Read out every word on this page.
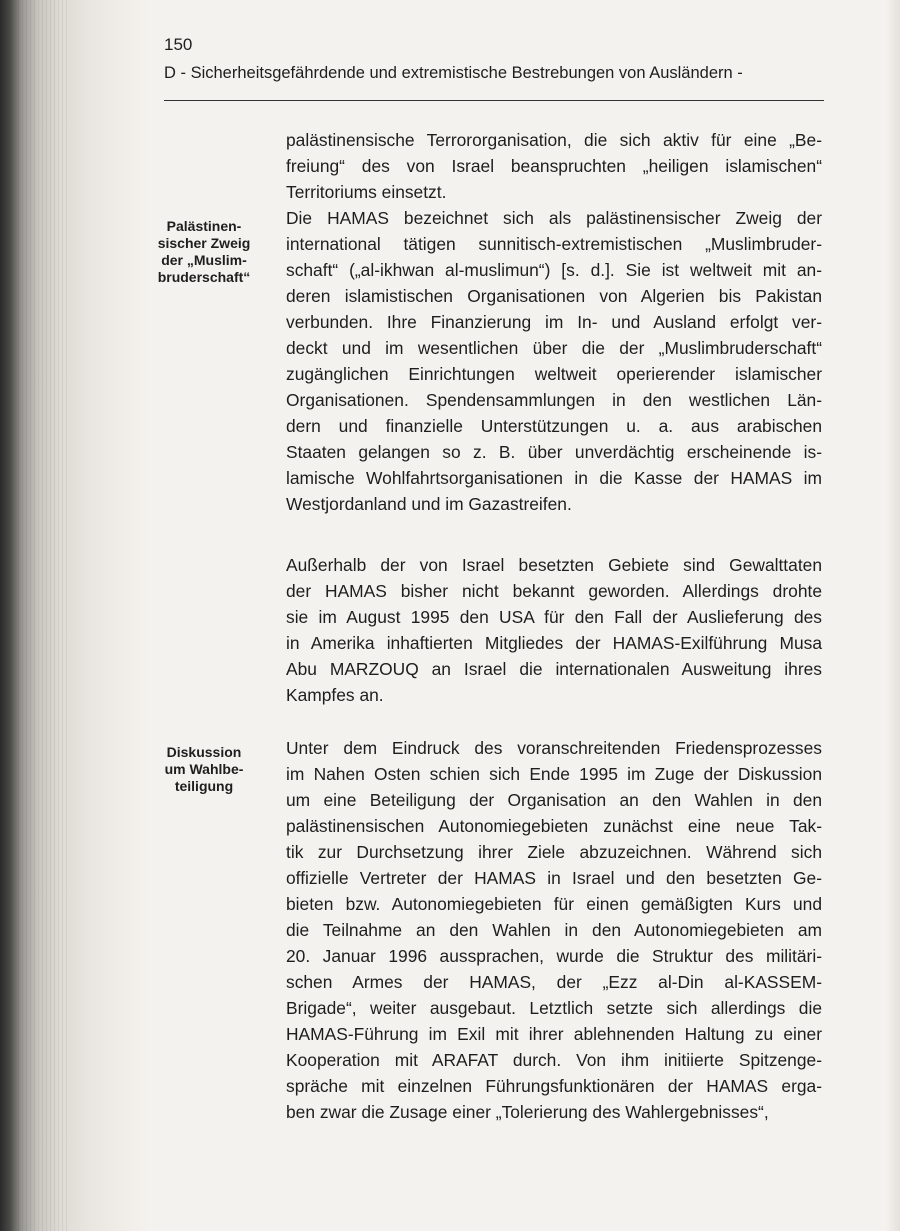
150
D - Sicherheitsgefährdende und extremistische Bestrebungen von Ausländern -
Palästinen-
sischer Zweig
der „Muslim-
bruderschaft“
Diskussion
um Wahlbe-
teiligung
palästinensische Terrororganisation, die sich aktiv für eine „Be-
freiung“ des von Israel beanspruchten „heiligen islamischen“
Territoriums einsetzt.
Die HAMAS bezeichnet sich als palästinensischer Zweig der
international tätigen sunnitisch-extremistischen „Muslimbruder-
schaft“ („al-ikhwan al-muslimun“) [s. d.]. Sie ist weltweit mit an-
deren islamistischen Organisationen von Algerien bis Pakistan
verbunden. Ihre Finanzierung im In- und Ausland erfolgt ver-
deckt und im wesentlichen über die der „Muslimbruderschaft“
zugänglichen Einrichtungen weltweit operierender islamischer
Organisationen. Spendensammlungen in den westlichen Län-
dern und finanzielle Unterstützungen u. a. aus arabischen
Staaten gelangen so z. B. über unverdächtig erscheinende is-
lamische Wohlfahrtsorganisationen in die Kasse der HAMAS im
Westjordanland und im Gazastreifen.
Außerhalb der von Israel besetzten Gebiete sind Gewalttaten
der HAMAS bisher nicht bekannt geworden. Allerdings drohte
sie im August 1995 den USA für den Fall der Auslieferung des
in Amerika inhaftierten Mitgliedes der HAMAS-Exilführung Musa
Abu MARZOUQ an Israel die internationalen Ausweitung ihres
Kampfes an.
Unter dem Eindruck des voranschreitenden Friedensprozesses
im Nahen Osten schien sich Ende 1995 im Zuge der Diskussion
um eine Beteiligung der Organisation an den Wahlen in den
palästinensischen Autonomiegebieten zunächst eine neue Tak-
tik zur Durchsetzung ihrer Ziele abzuzeichnen. Während sich
offizielle Vertreter der HAMAS in Israel und den besetzten Ge-
bieten bzw. Autonomiegebieten für einen gemäßigten Kurs und
die Teilnahme an den Wahlen in den Autonomiegebieten am
20. Januar 1996 aussprachen, wurde die Struktur des militäri-
schen Armes der HAMAS, der „Ezz al-Din al-KASSEM-
Brigade“, weiter ausgebaut. Letztlich setzte sich allerdings die
HAMAS-Führung im Exil mit ihrer ablehnenden Haltung zu einer
Kooperation mit ARAFAT durch. Von ihm initiierte Spitzenge-
spräche mit einzelnen Führungsfunktionären der HAMAS erga-
ben zwar die Zusage einer „Tolerierung des Wahlergebnisses“,
